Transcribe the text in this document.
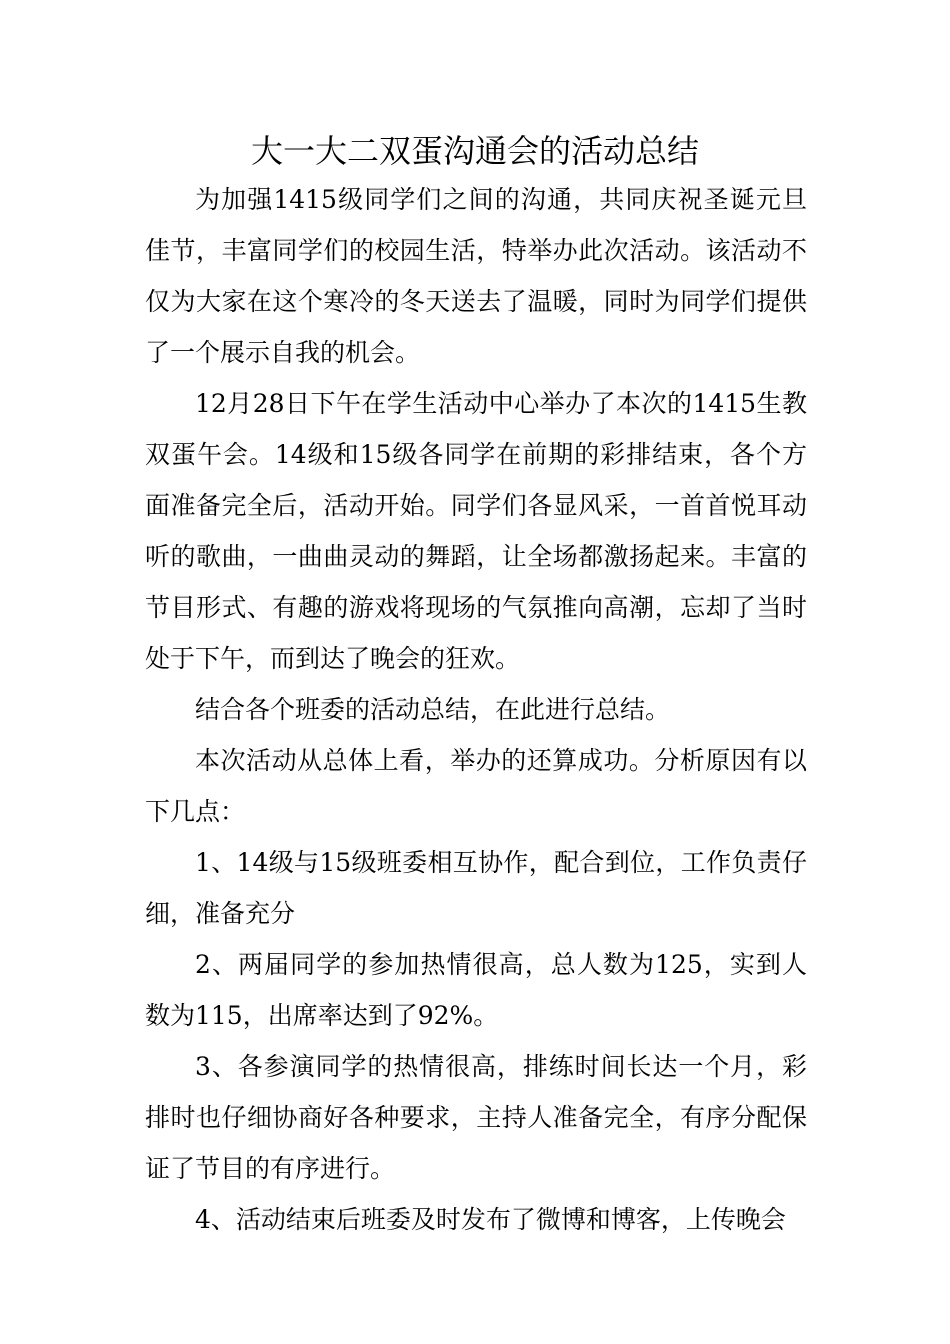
大一大二双蛋沟通会的活动总结

为加强1415级同学们之间的沟通，共同庆祝圣诞元旦佳节，丰富同学们的校园生活，特举办此次活动。该活动不仅为大家在这个寒冷的冬天送去了温暖，同时为同学们提供了一个展示自我的机会。

12月28日下午在学生活动中心举办了本次的1415生教双蛋午会。14级和15级各同学在前期的彩排结束，各个方面准备完全后，活动开始。同学们各显风采，一首首悦耳动听的歌曲，一曲曲灵动的舞蹈，让全场都激扬起来。丰富的节目形式、有趣的游戏将现场的气氛推向高潮，忘却了当时处于下午，而到达了晚会的狂欢。

结合各个班委的活动总结，在此进行总结。

本次活动从总体上看，举办的还算成功。分析原因有以下几点：

1、14级与15级班委相互协作，配合到位，工作负责仔细，准备充分

2、两届同学的参加热情很高，总人数为125，实到人数为115，出席率达到了92%。

3、各参演同学的热情很高，排练时间长达一个月，彩排时也仔细协商好各种要求，主持人准备完全，有序分配保证了节目的有序进行。

4、活动结束后班委及时发布了微博和博客，上传晚会
